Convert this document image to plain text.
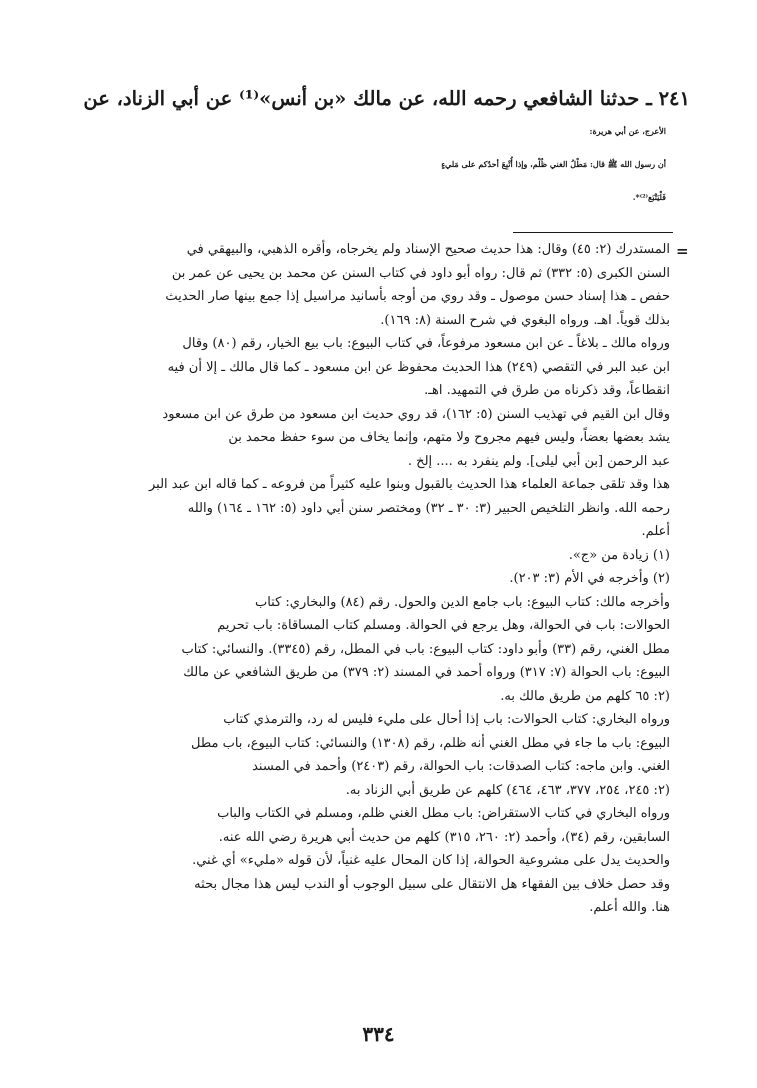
٢٤١ ـ حدثنا الشافعي رحمه الله، عن مالك «بن أنس»⁽¹⁾ عن أبي الزناد، عن
الأعرج، عن أبي هريرة:
أن رسول الله ﷺ قال: مَطْلُ الغني ظُلْم، وإذا أُتْبِعَ أحدُكم على مَليءٍ
فَلْيَتْبَع⁽²⁾*.
=
المستدرك (٢: ٤٥) وقال: هذا حديث صحيح الإسناد ولم يخرجاه، وأقره الذهبي، والبيهقي في
السنن الكبرى (٥: ٣٣٢) ثم قال: رواه أبو داود في كتاب السنن عن محمد بن يحيى عن عمر بن
حفص ـ هذا إسناد حسن موصول ـ وقد روي من أوجه بأسانيد مراسيل إذا جمع بينها صار الحديث
بذلك قوياً. اهـ. ورواه البغوي في شرح السنة (٨: ١٦٩).
ورواه مالك ـ بلاغاً ـ عن ابن مسعود مرفوعاً، في كتاب البيوع: باب بيع الخيار، رقم (٨٠) وقال
ابن عبد البر في التقصي (٢٤٩) هذا الحديث محفوظ عن ابن مسعود ـ كما قال مالك ـ إلا أن فيه
انقطاعاً، وقد ذكرناه من طرق في التمهيد. اهـ.
وقال ابن القيم في تهذيب السنن (٥: ١٦٢)، قد روي حديث ابن مسعود من طرق عن ابن مسعود
يشد بعضها بعضاً، وليس فيهم مجروح ولا متهم، وإنما يخاف من سوء حفظ محمد بن
عبد الرحمن [بن أبي ليلى]. ولم ينفرد به .... إلخ .
هذا وقد تلقى جماعة العلماء هذا الحديث بالقبول وبنوا عليه كثيراً من فروعه ـ كما قاله ابن عبد البر
رحمه الله. وانظر التلخيص الحبير (٣: ٣٠ ـ ٣٢) ومختصر سنن أبي داود (٥: ١٦٢ ـ ١٦٤) والله
أعلم.
(١) زيادة من «ج».
(٢) وأخرجه في الأم (٣: ٢٠٣).
وأخرجه مالك: كتاب البيوع: باب جامع الدين والحول. رقم (٨٤) والبخاري: كتاب
الحوالات: باب في الحوالة، وهل يرجع في الحوالة. ومسلم كتاب المساقاة: باب تحريم
مطل الغني، رقم (٣٣) وأبو داود: كتاب البيوع: باب في المطل، رقم (٣٣٤٥). والنسائي: كتاب
البيوع: باب الحوالة (٧: ٣١٧) ورواه أحمد في المسند (٢: ٣٧٩) من طريق الشافعي عن مالك
(٢: ٦٥ كلهم من طريق مالك به.
ورواه البخاري: كتاب الحوالات: باب إذا أحال على مليء فليس له رد، والترمذي كتاب
البيوع: باب ما جاء في مطل الغني أنه ظلم، رقم (١٣٠٨) والنسائي: كتاب البيوع، باب مطل
الغني. وابن ماجه: كتاب الصدقات: باب الحوالة، رقم (٢٤٠٣) وأحمد في المسند
(٢: ٢٤٥، ٢٥٤، ٣٧٧، ٤٦٣، ٤٦٤) كلهم عن طريق أبي الزناد به.
ورواه البخاري في كتاب الاستقراض: باب مطل الغني ظلم، ومسلم في الكتاب والباب
السابقين، رقم (٣٤)، وأحمد (٢: ٢٦٠، ٣١٥) كلهم من حديث أبي هريرة رضي الله عنه.
والحديث يدل على مشروعية الحوالة، إذا كان المحال عليه غنياً، لأن قوله «مليء» أي غني.
وقد حصل خلاف بين الفقهاء هل الانتقال على سبيل الوجوب أو الندب ليس هذا مجال بحثه
هنا. والله أعلم.
٣٣٤
